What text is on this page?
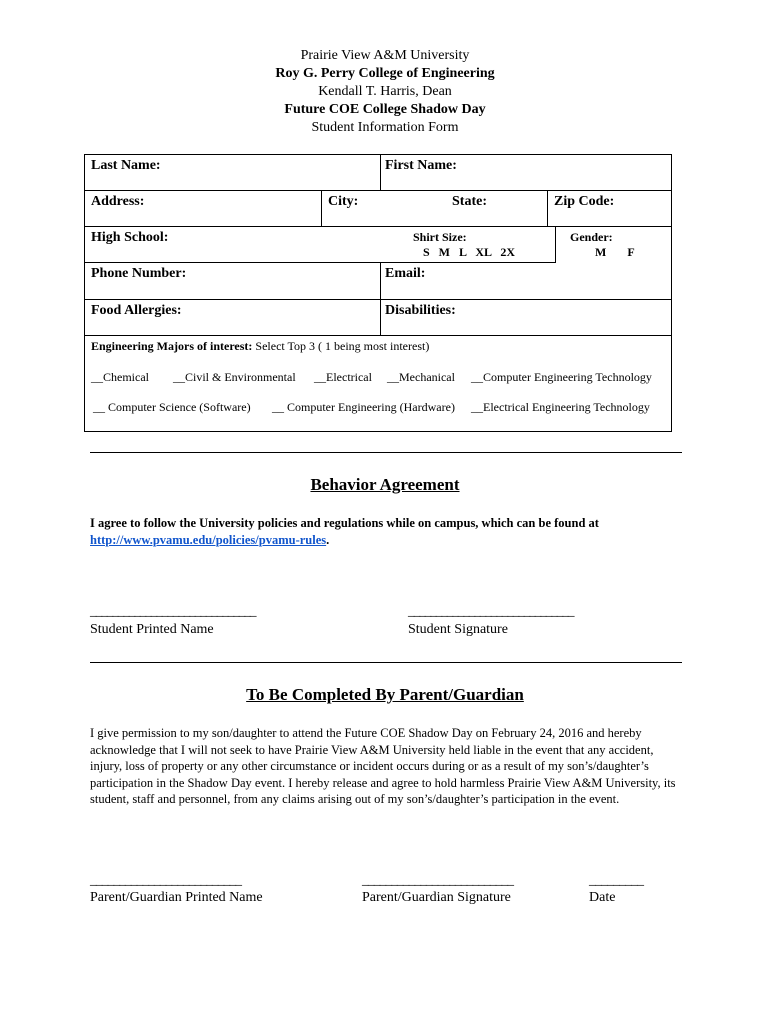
Prairie View A&M University
Roy G. Perry College of Engineering
Kendall T. Harris, Dean
Future COE College Shadow Day
Student Information Form
Last Name:	First Name:
Address:	City:	State:	Zip Code:
High School:	Shirt Size:
S   M   L   XL   2X
Gender:
M       F
Phone Number:	Email:
Food Allergies:	Disabilities:
Engineering Majors of interest: Select Top 3 ( 1 being most interest)
__Chemical __Civil & Environmental __Electrical __Mechanical __Computer Engineering Technology
__ Computer Science (Software) __ Computer Engineering (Hardware) __Electrical Engineering Technology
Behavior Agreement
I agree to follow the University policies and regulations while on campus, which can be found at
http://www.pvamu.edu/policies/pvamu-rules.
______________________________	______________________________
Student Printed Name	Student Signature
To Be Completed By Parent/Guardian
I give permission to my son/daughter to attend the Future COE Shadow Day on February 24, 2016 and hereby acknowledge that I will not seek to have Prairie View A&M University held liable in the event that any accident, injury, loss of property or any other circumstance or incident occurs during or as a result of my son’s/daughter’s participation in the Shadow Day event. I hereby release and agree to hold harmless Prairie View A&M University, its student, staff and personnel, from any claims arising out of my son’s/daughter’s participation in the event.
__________________________	__________________________	_________
Parent/Guardian Printed Name	Parent/Guardian Signature	Date
